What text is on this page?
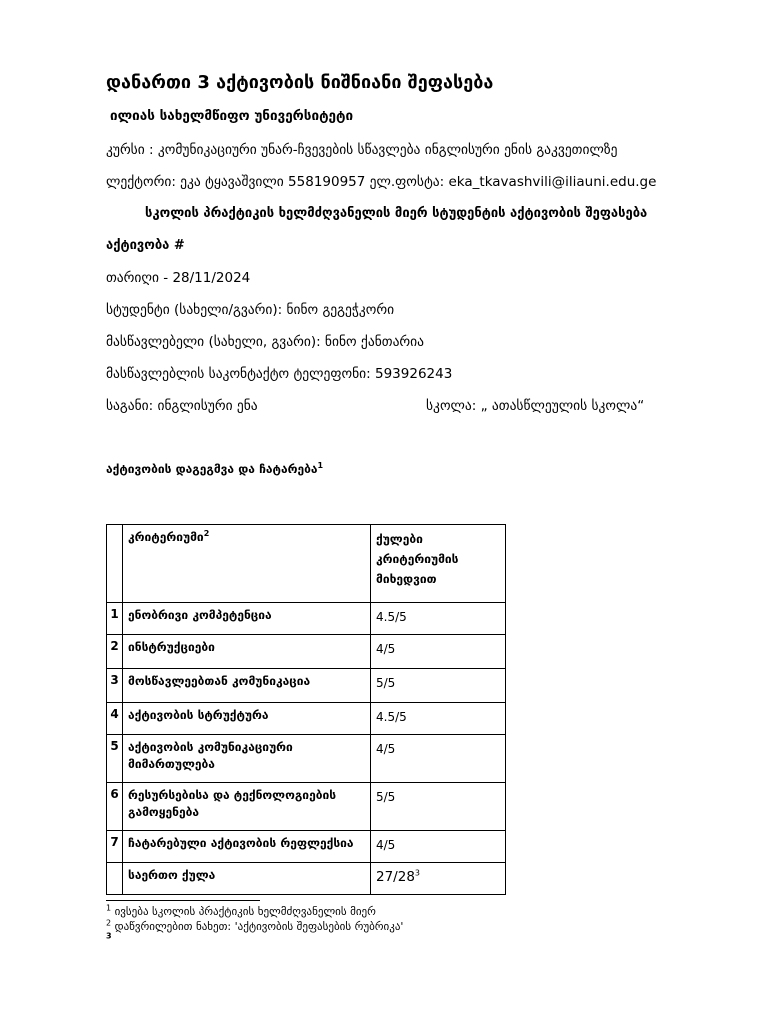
დანართი 3 აქტივობის ნიშნიანი შეფასება
ილიას სახელმწიფო უნივერსიტეტი
კურსი : კომუნიკაციური უნარ-ჩვევების სწავლება ინგლისური ენის გაკვეთილზე
ლექტორი: ეკა ტყავაშვილი 558190957 ელ.ფოსტა: eka_tkavashvili@iliauni.edu.ge
სკოლის პრაქტიკის ხელმძღვანელის მიერ სტუდენტის აქტივობის შეფასება
აქტივობა #
თარიღი - 28/11/2024
სტუდენტი (სახელი/გვარი): ნინო გეგეჭკორი
მასწავლებელი (სახელი, გვარი): ნინო ქანთარია
მასწავლებლის საკონტაქტო ტელეფონი: 593926243
საგანი: ინგლისური ენა	სკოლა: „ ათასწლეულის სკოლა“
აქტივობის დაგეგმვა და ჩატარება$^1$
	კრიტერიუმი$^2$	ქულები კრიტერიუმის მიხედვით
1	ენობრივი კომპეტენცია	4.5/5
2	ინსტრუქციები	4/5
3	მოსწავლეებთან კომუნიკაცია	5/5
4	აქტივობის სტრუქტურა	4.5/5
5	აქტივობის კომუნიკაციური მიმართულება	4/5
6	რესურსებისა და ტექნოლოგიების გამოყენება	5/5
7	ჩატარებული აქტივობის რეფლექსია	4/5
	საერთო ქულა	$27/28^3$
$^1$ ივსება სკოლის პრაქტიკის ხელმძღვანელის მიერ
$^2$ დაწვრილებით ნახეთ: 'აქტივობის შეფასების რუბრიკა'
$^3$
